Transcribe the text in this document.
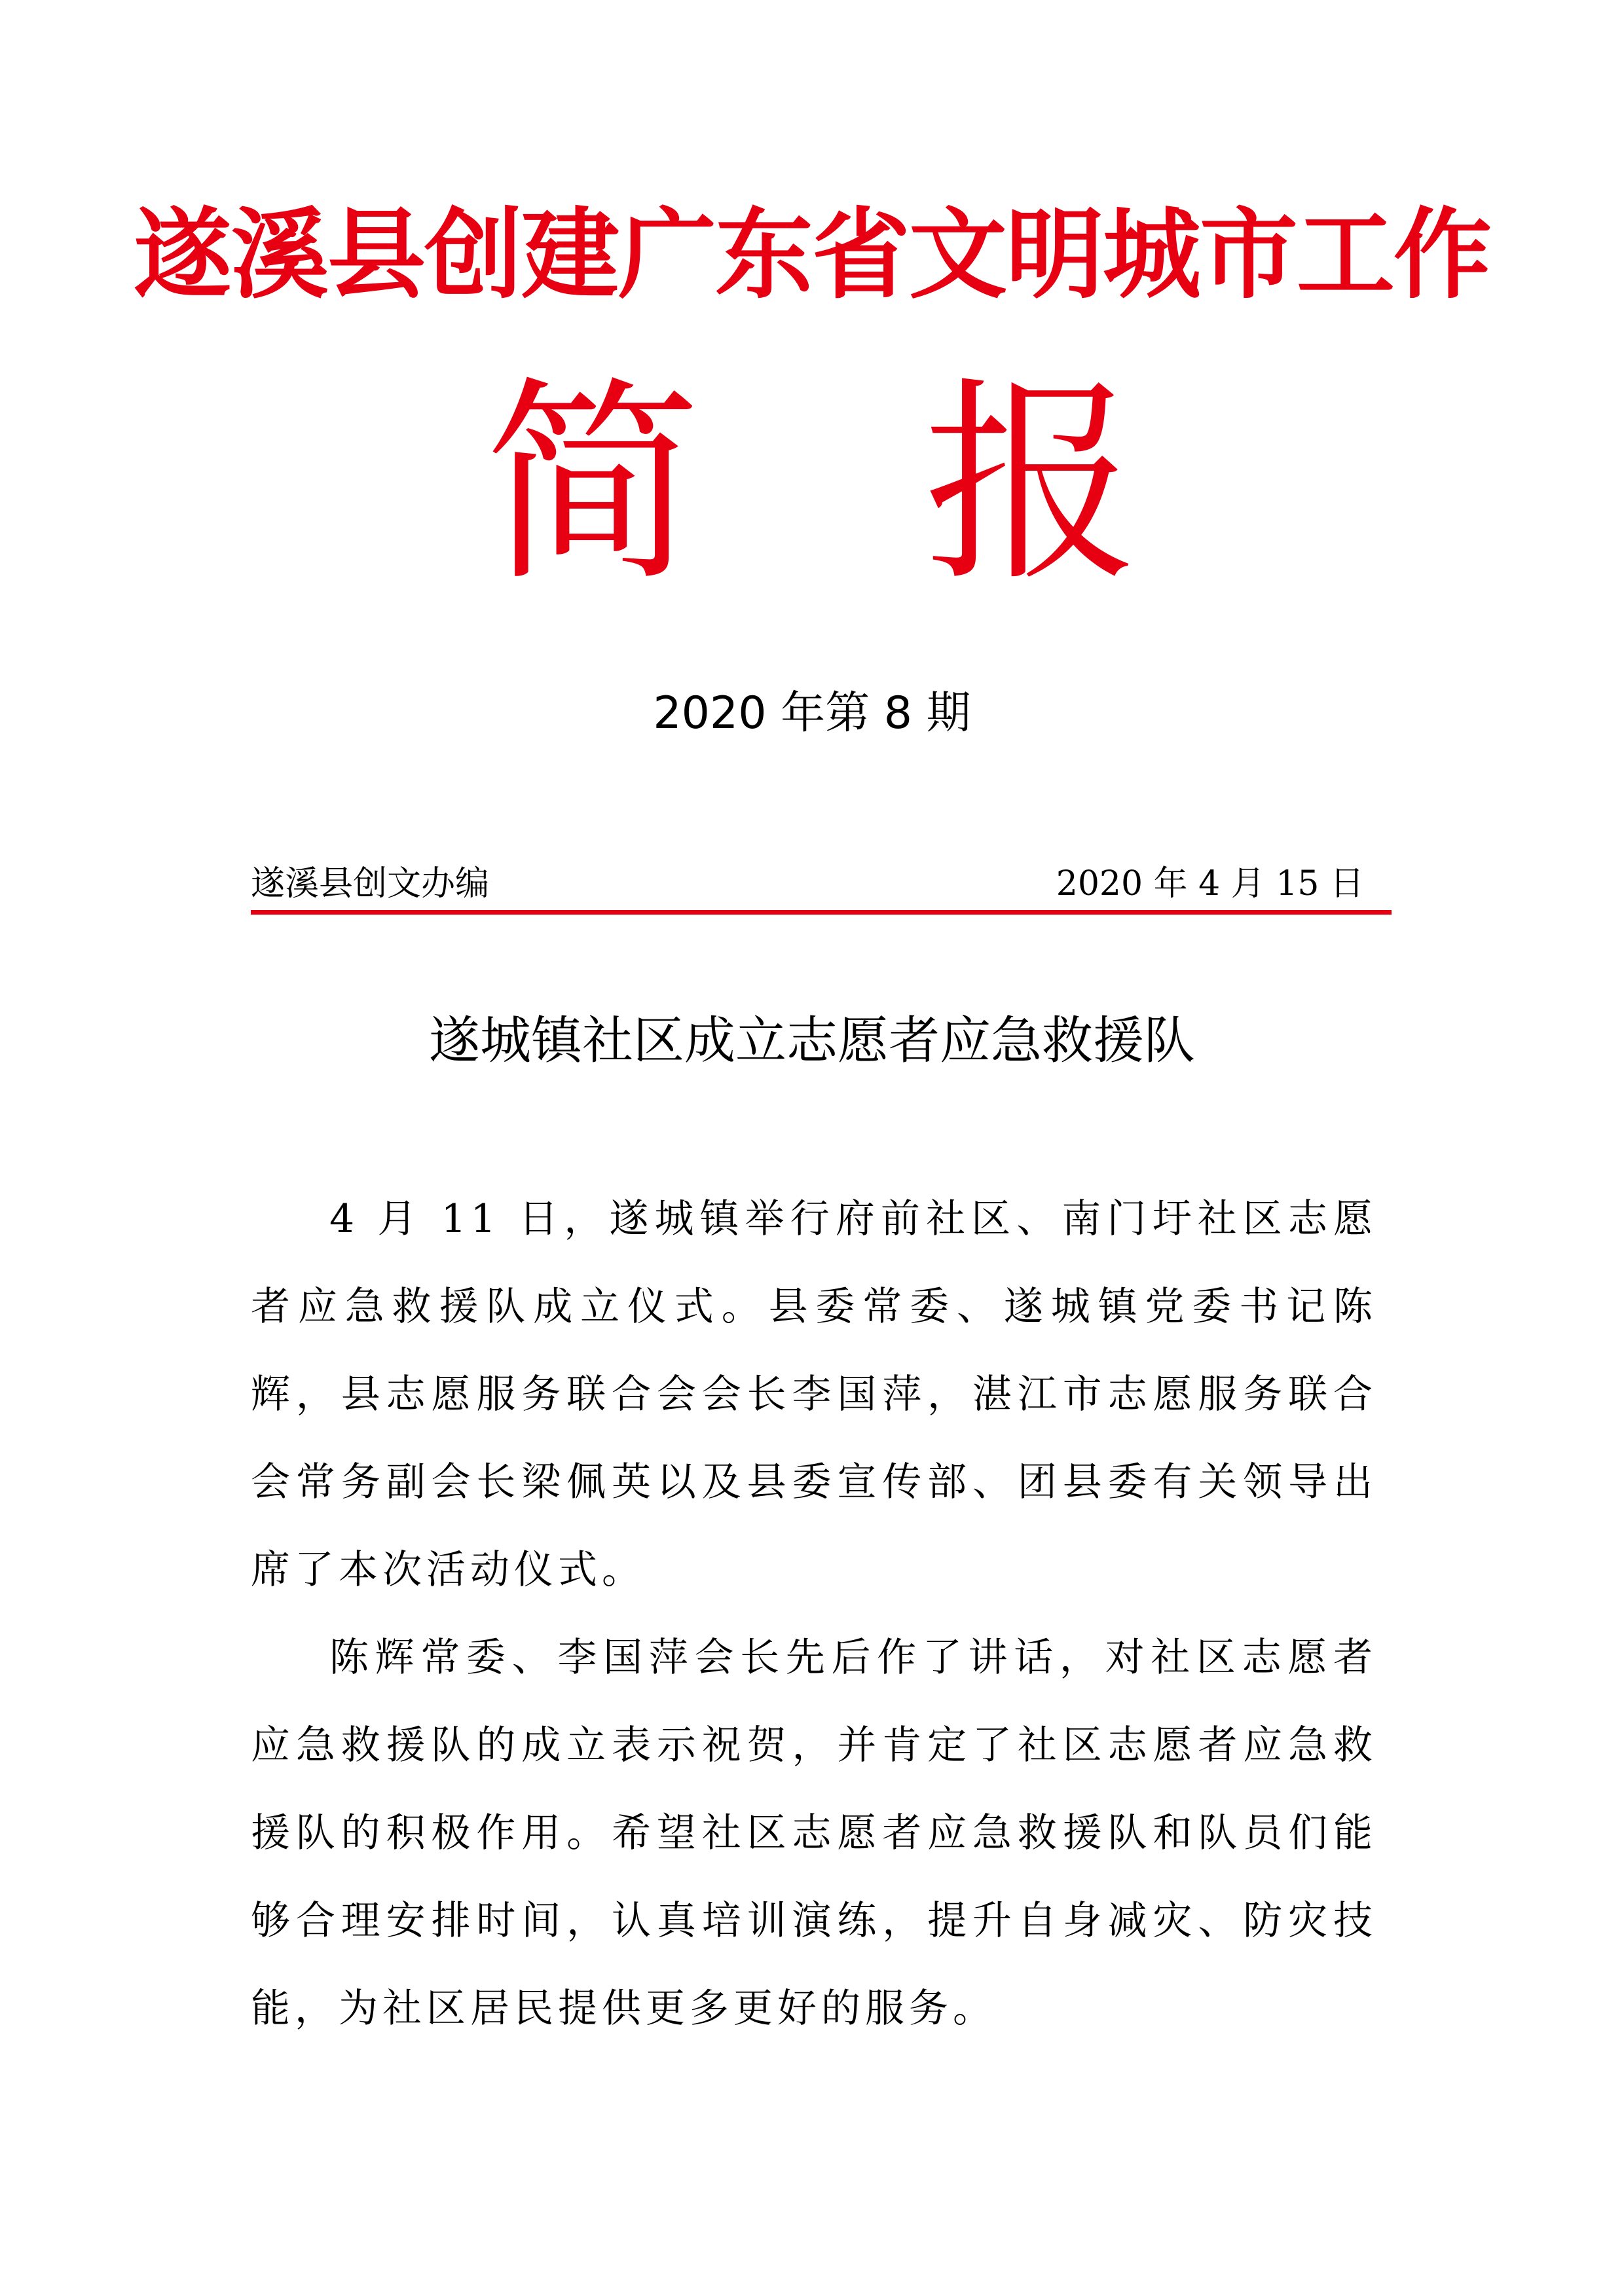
遂溪县创建广东省文明城市工作
简 报
2020 年第 8 期
遂溪县创文办编	2020 年 4 月 15 日
遂城镇社区成立志愿者应急救援队

4 月 11 日，遂城镇举行府前社区、南门圩社区志愿者应急救援队成立仪式。县委常委、遂城镇党委书记陈辉，县志愿服务联合会会长李国萍，湛江市志愿服务联合会常务副会长梁佩英以及县委宣传部、团县委有关领导出席了本次活动仪式。

陈辉常委、李国萍会长先后作了讲话，对社区志愿者应急救援队的成立表示祝贺，并肯定了社区志愿者应急救援队的积极作用。希望社区志愿者应急救援队和队员们能够合理安排时间，认真培训演练，提升自身减灾、防灾技能，为社区居民提供更多更好的服务。
